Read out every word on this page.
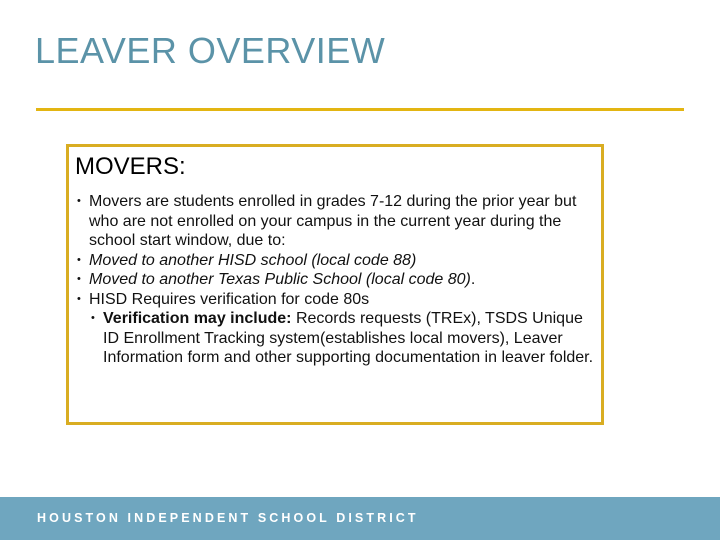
LEAVER OVERVIEW
MOVERS:
• Movers are students enrolled in grades 7-12 during the prior year but who are not enrolled on your campus in the current year during the school start window, due to:
• Moved to another HISD school (local code 88)
• Moved to another Texas Public School (local code 80).
• HISD Requires verification for code 80s
• Verification may include: Records requests (TREx), TSDS Unique ID Enrollment Tracking system(establishes local movers), Leaver Information form and other supporting documentation in leaver folder.
HOUSTON INDEPENDENT SCHOOL DISTRICT
